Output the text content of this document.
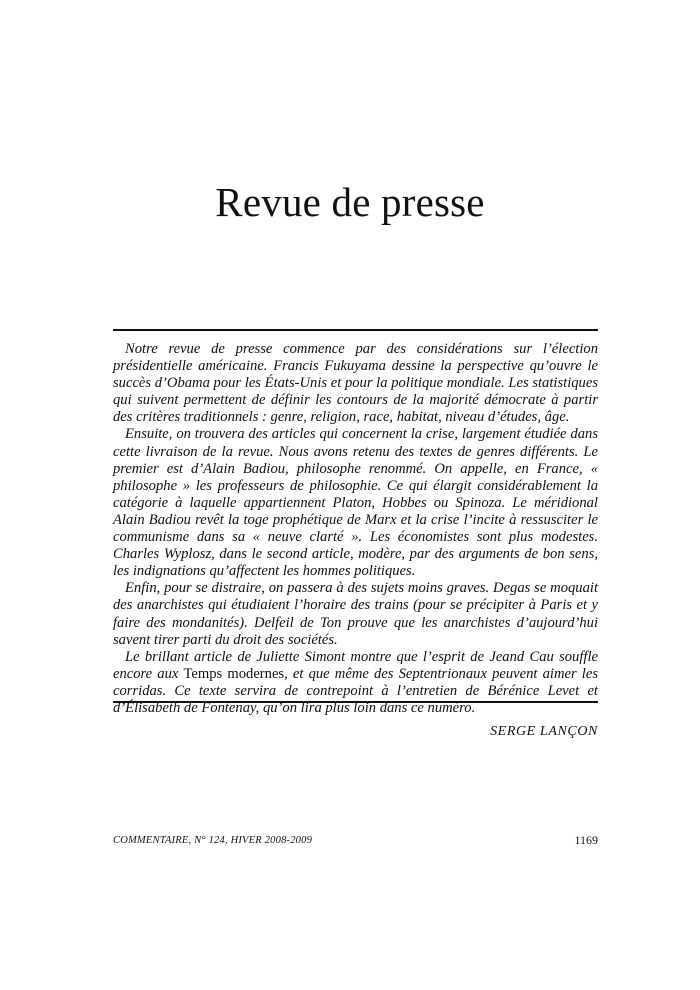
Revue de presse

Notre revue de presse commence par des considérations sur l’élection présidentielle américaine. Francis Fukuyama dessine la perspective qu’ouvre le succès d’Obama pour les États-Unis et pour la politique mondiale. Les statistiques qui suivent permettent de définir les contours de la majorité démocrate à partir des critères traditionnels : genre, religion, race, habitat, niveau d’études, âge.

Ensuite, on trouvera des articles qui concernent la crise, largement étudiée dans cette livraison de la revue. Nous avons retenu des textes de genres différents. Le premier est d’Alain Badiou, philosophe renommé. On appelle, en France, « philosophe » les professeurs de philosophie. Ce qui élargit considérablement la catégorie à laquelle appartiennent Platon, Hobbes ou Spinoza. Le méridional Alain Badiou revêt la toge prophétique de Marx et la crise l’incite à ressusciter le communisme dans sa « neuve clarté ». Les économistes sont plus modestes. Charles Wyplosz, dans le second article, modère, par des arguments de bon sens, les indignations qu’affectent les hommes politiques.

Enfin, pour se distraire, on passera à des sujets moins graves. Degas se moquait des anarchistes qui étudiaient l’horaire des trains (pour se précipiter à Paris et y faire des mondanités). Delfeil de Ton prouve que les anarchistes d’aujourd’hui savent tirer parti du droit des sociétés.

Le brillant article de Juliette Simont montre que l’esprit de Jeand Cau souffle encore aux Temps modernes, et que même des Septentrionaux peuvent aimer les corridas. Ce texte servira de contrepoint à l’entretien de Bérénice Levet et d’Élisabeth de Fontenay, qu’on lira plus loin dans ce numéro.

SERGE LANÇON
COMMENTAIRE, N° 124, HIVER 2008-2009	1169
